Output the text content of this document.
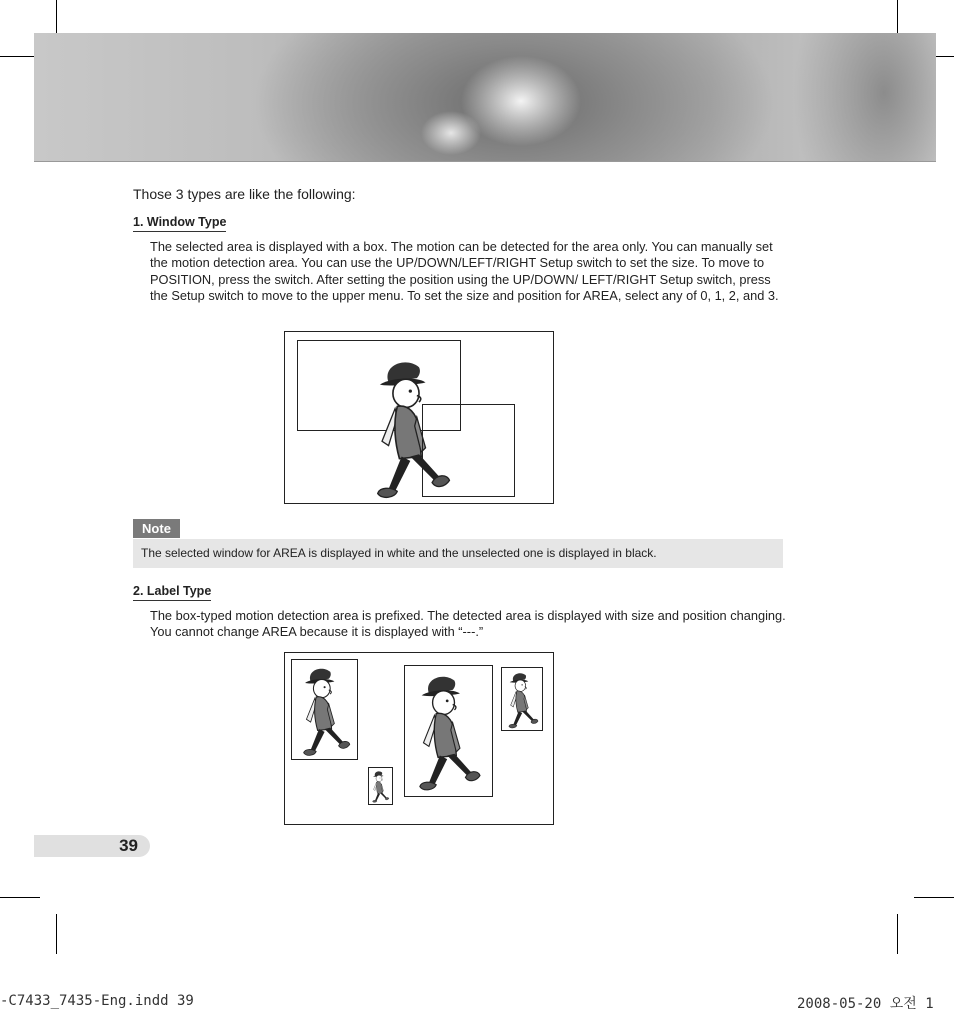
Those 3 types are like the following:
1. Window Type
The selected area is displayed with a box. The motion can be detected for the area only. You can manually set the motion detection area. You can use the UP/DOWN/LEFT/RIGHT Setup switch to set the size. To move to POSITION, press the switch. After setting the position using the UP/DOWN/ LEFT/RIGHT Setup switch, press the Setup switch to move to the upper menu. To set the size and position for AREA, select any of 0, 1, 2, and 3.
Note
The selected window for AREA is displayed in white and the unselected one is displayed in black.
2. Label Type
The box-typed motion detection area is prefixed. The detected area is displayed with size and position changing. You cannot change AREA because it is displayed with “---.”
39
-C7433_7435-Eng.indd 39	2008-05-20 오전 1
